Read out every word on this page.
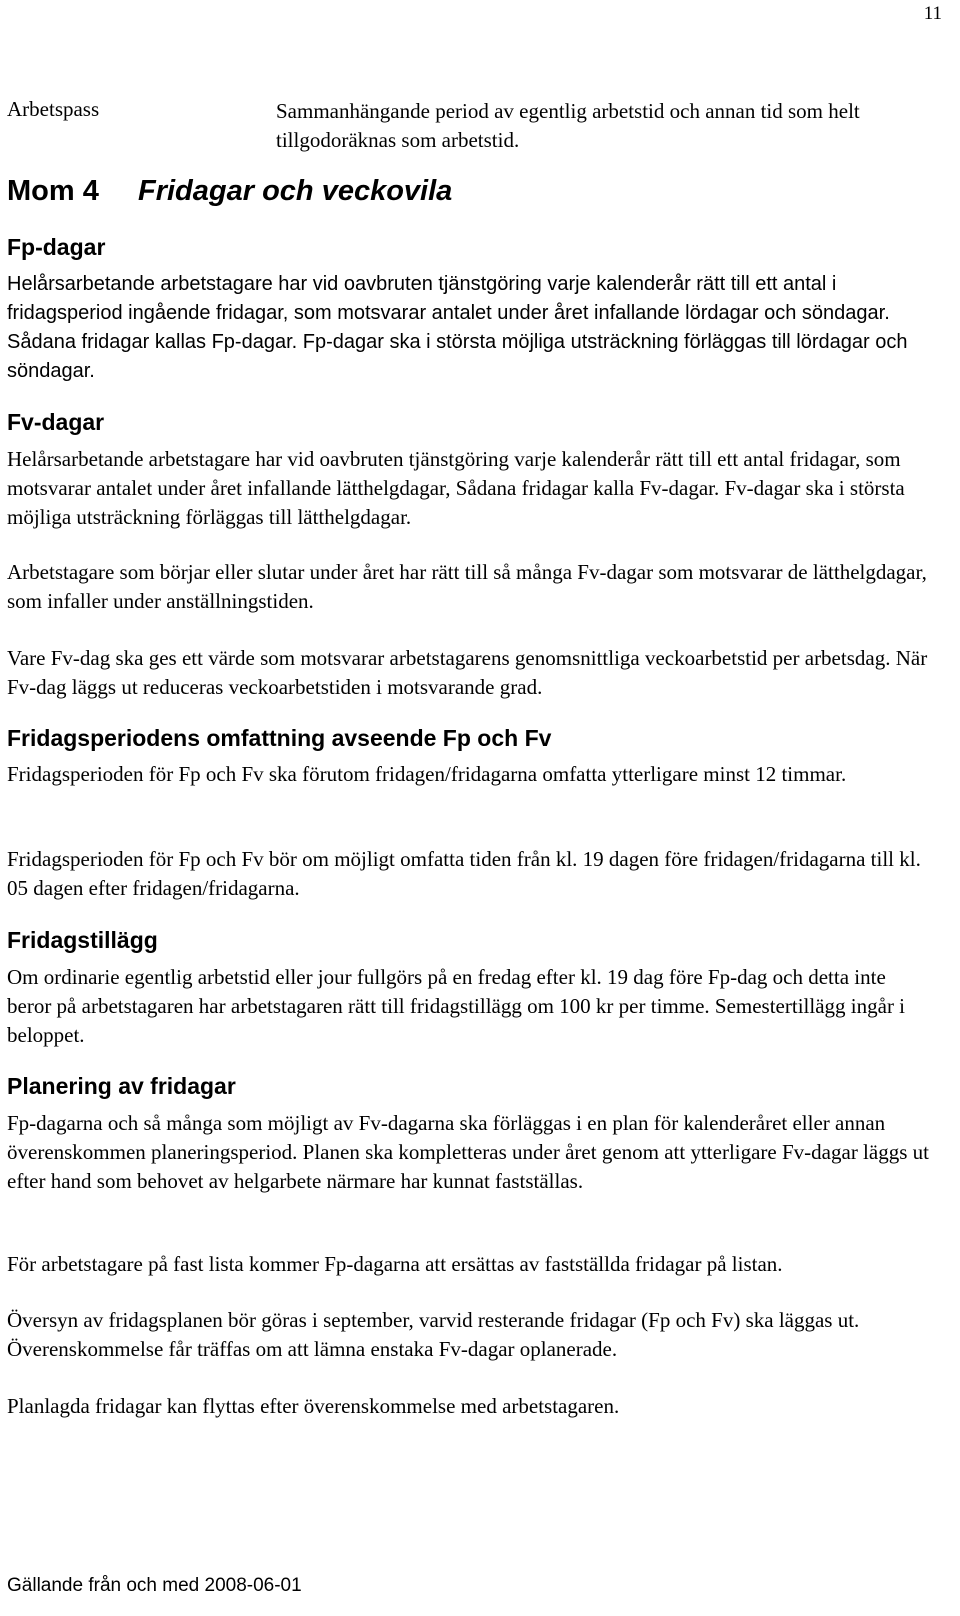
11
Arbetspass	Sammanhängande period av egentlig arbetstid och annan tid som helt tillgodoräknas som arbetstid.
Mom 4 Fridagar och veckovila
Fp-dagar
Helårsarbetande arbetstagare har vid oavbruten tjänstgöring varje kalenderår rätt till ett antal i fridagsperiod ingående fridagar, som motsvarar antalet under året infallande lördagar och söndagar. Sådana fridagar kallas Fp-dagar. Fp-dagar ska i största möjliga utsträckning förläggas till lördagar och söndagar.
Fv-dagar
Helårsarbetande arbetstagare har vid oavbruten tjänstgöring varje kalenderår rätt till ett antal fridagar, som motsvarar antalet under året infallande lätthelgdagar, Sådana fridagar kalla Fv-dagar. Fv-dagar ska i största möjliga utsträckning förläggas till lätthelgdagar.
Arbetstagare som börjar eller slutar under året har rätt till så många Fv-dagar som motsvarar de lätthelgdagar, som infaller under anställningstiden.
Vare Fv-dag ska ges ett värde som motsvarar arbetstagarens genomsnittliga veckoarbetstid per arbetsdag. När Fv-dag läggs ut reduceras veckoarbetstiden i motsvarande grad.
Fridagsperiodens omfattning avseende Fp och Fv
Fridagsperioden för Fp och Fv ska förutom fridagen/fridagarna omfatta ytterligare minst 12 timmar.
Fridagsperioden för Fp och Fv bör om möjligt omfatta tiden från kl. 19 dagen före fridagen/fridagarna till kl. 05 dagen efter fridagen/fridagarna.
Fridagstillägg
Om ordinarie egentlig arbetstid eller jour fullgörs på en fredag efter kl. 19 dag före Fp-dag och detta inte beror på arbetstagaren har arbetstagaren rätt till fridagstillägg om 100 kr per timme. Semestertillägg ingår i beloppet.
Planering av fridagar
Fp-dagarna och så många som möjligt av Fv-dagarna ska förläggas i en plan för kalenderåret eller annan överenskommen planeringsperiod. Planen ska kompletteras under året genom att ytterligare Fv-dagar läggs ut efter hand som behovet av helgarbete närmare har kunnat fastställas.
För arbetstagare på fast lista kommer Fp-dagarna att ersättas av fastställda fridagar på listan.
Översyn av fridagsplanen bör göras i september, varvid resterande fridagar (Fp och Fv) ska läggas ut. Överenskommelse får träffas om att lämna enstaka Fv-dagar oplanerade.
Planlagda fridagar kan flyttas efter överenskommelse med arbetstagaren.
Gällande från och med 2008-06-01
